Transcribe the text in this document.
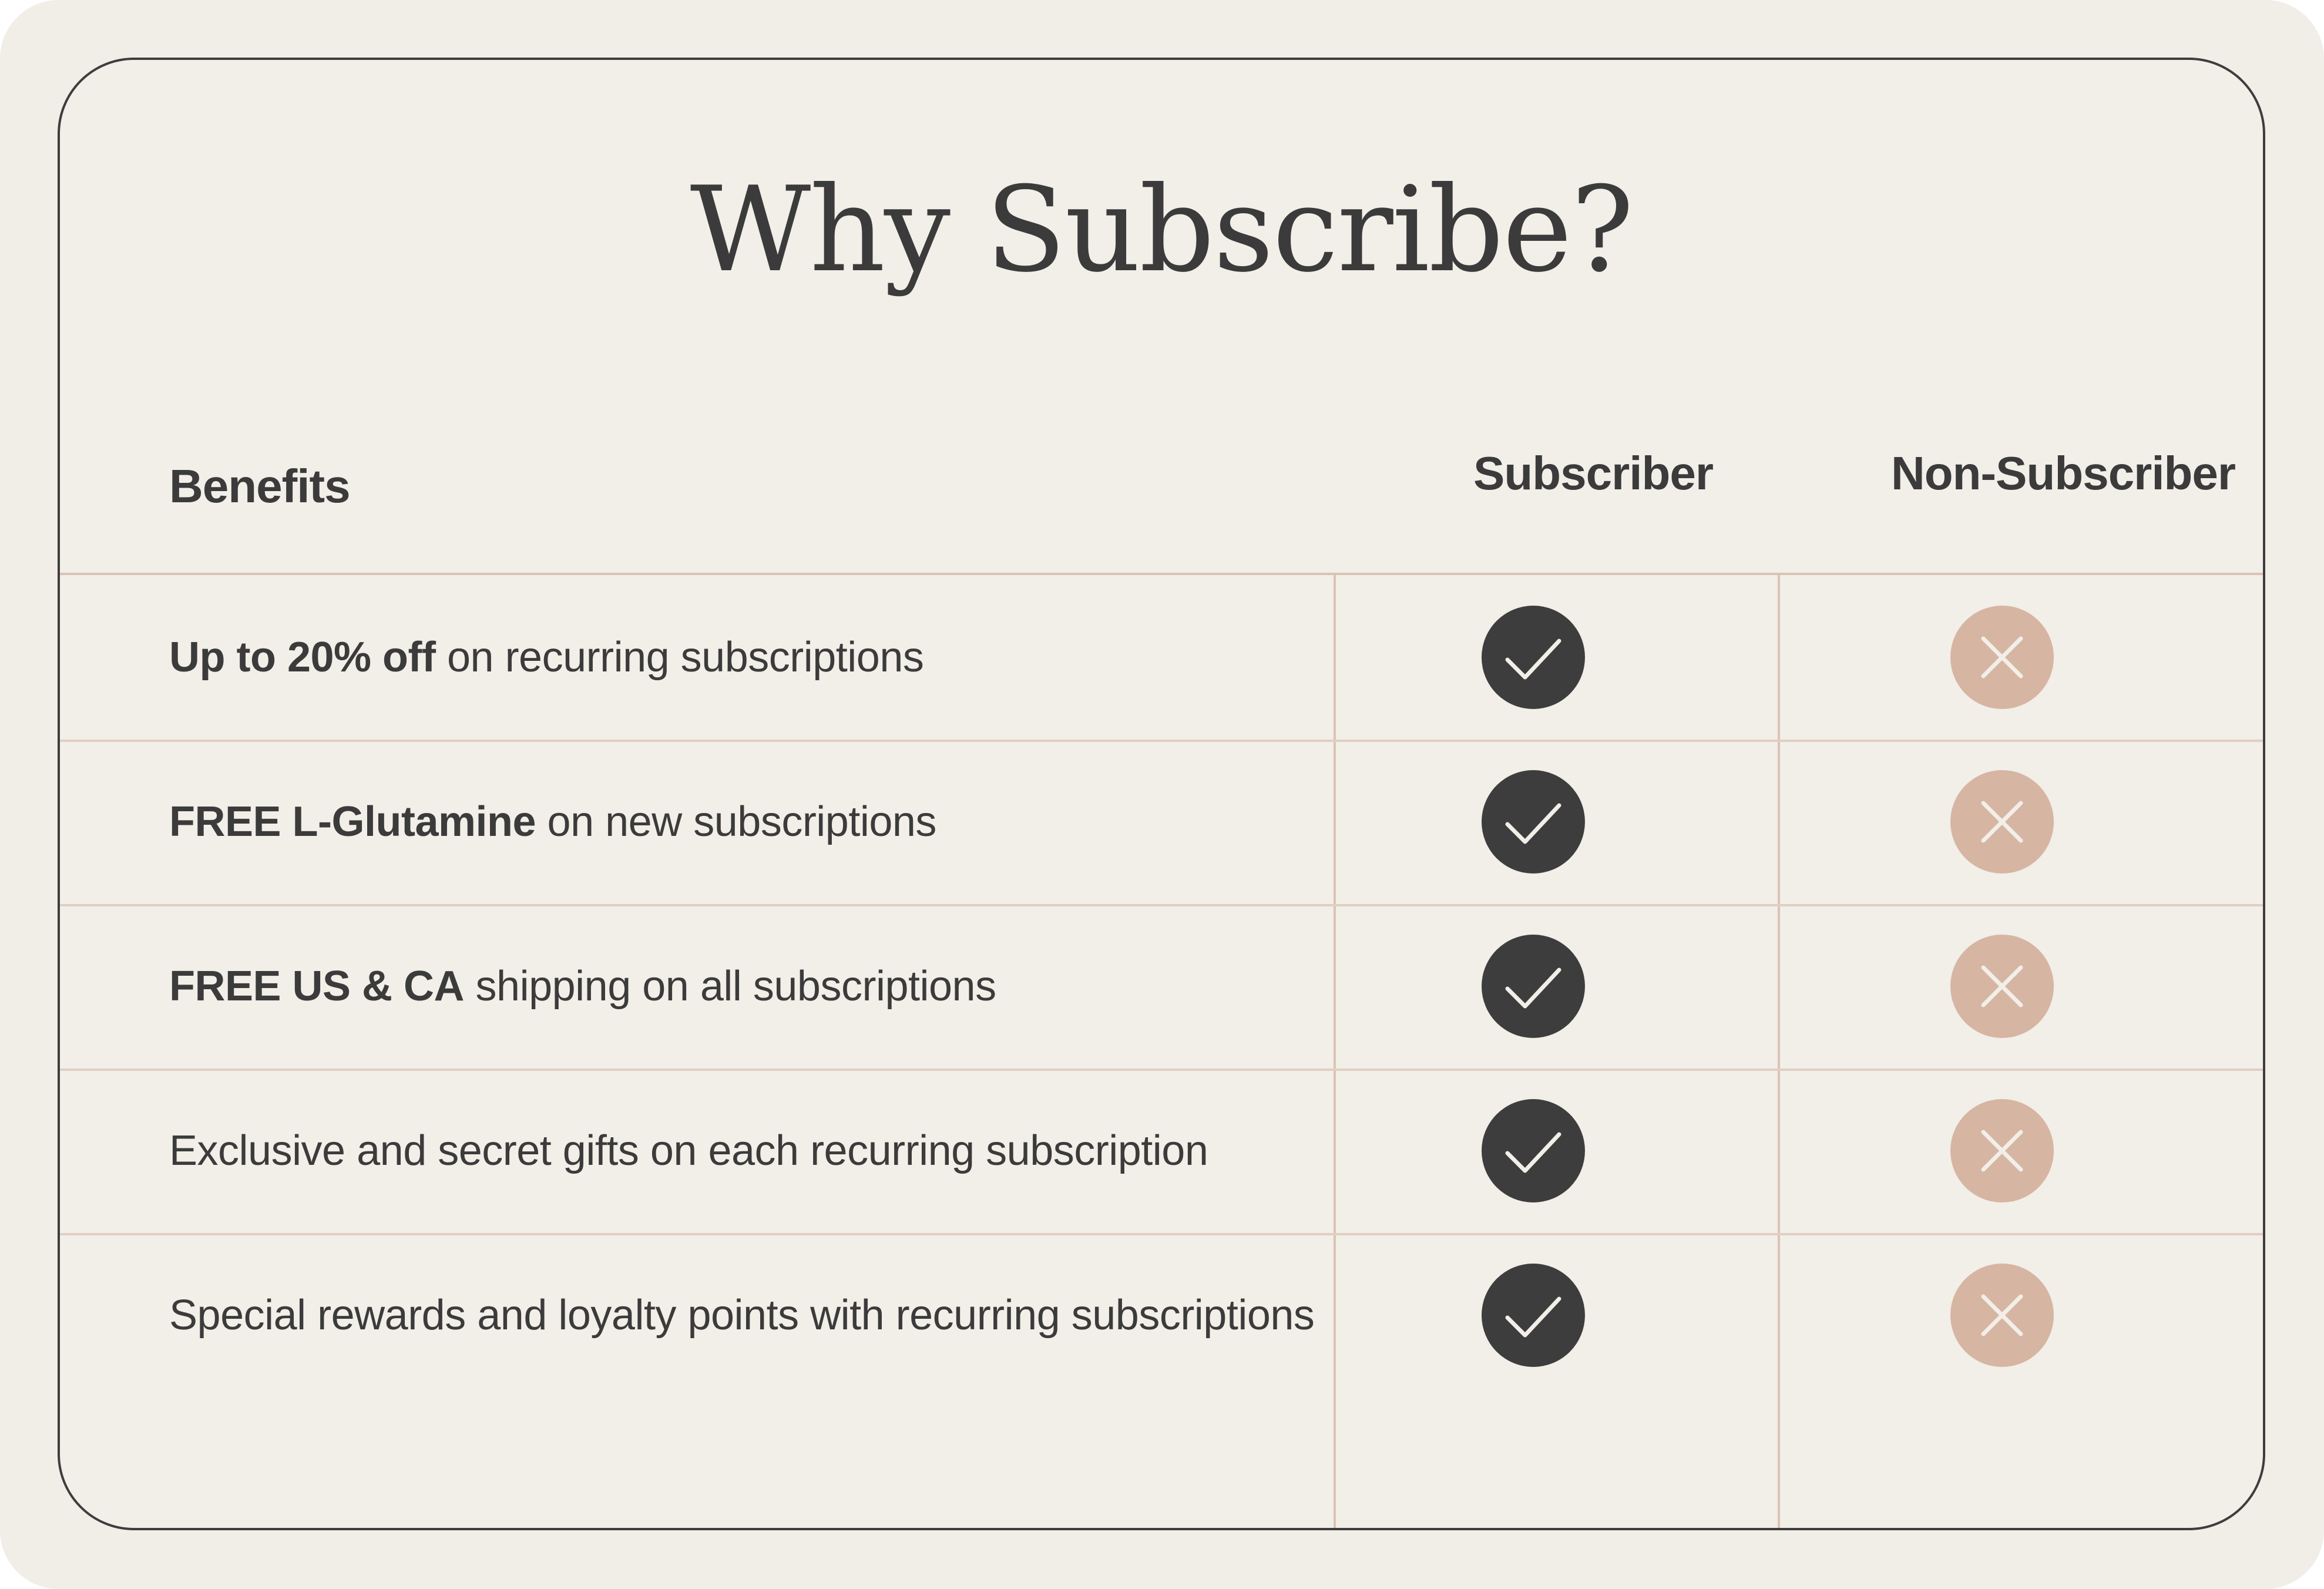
Why Subscribe?
Benefits	Subscriber	Non-Subscriber
Up to 20% off on recurring subscriptions
FREE L-Glutamine on new subscriptions
FREE US & CA shipping on all subscriptions
Exclusive and secret gifts on each recurring subscription
Special rewards and loyalty points with recurring subscriptions
